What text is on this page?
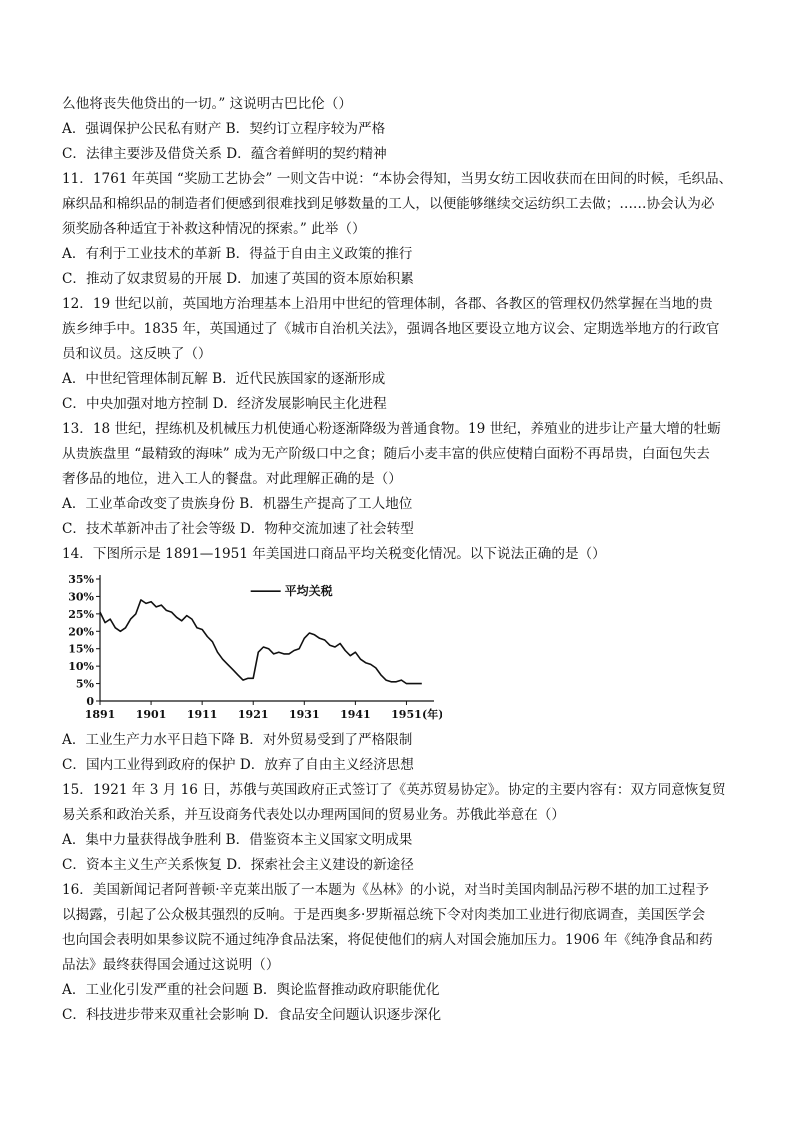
么他将丧失他贷出的一切。” 这说明古巴比伦（）
A．强调保护公民私有财产 B．契约订立程序较为严格
C．法律主要涉及借贷关系 D．蕴含着鲜明的契约精神
11．1761 年英国 “奖励工艺协会” 一则文告中说：“本协会得知，当男女纺工因收获而在田间的时候，毛织品、
麻织品和棉织品的制造者们便感到很难找到足够数量的工人，以便能够继续交运纺织工去做；……协会认为必
须奖励各种适宜于补救这种情况的探索。” 此举（）
A．有利于工业技术的革新 B．得益于自由主义政策的推行
C．推动了奴隶贸易的开展 D．加速了英国的资本原始积累
12．19 世纪以前，英国地方治理基本上沿用中世纪的管理体制，各郡、各教区的管理权仍然掌握在当地的贵
族乡绅手中。1835 年，英国通过了《城市自治机关法》，强调各地区要设立地方议会、定期选举地方的行政官
员和议员。这反映了（）
A．中世纪管理体制瓦解 B．近代民族国家的逐渐形成
C．中央加强对地方控制 D．经济发展影响民主化进程
13．18 世纪，捏练机及机械压力机使通心粉逐渐降级为普通食物。19 世纪，养殖业的进步让产量大增的牡蛎
从贵族盘里 “最精致的海味” 成为无产阶级口中之食；随后小麦丰富的供应使精白面粉不再昂贵，白面包失去
奢侈品的地位，进入工人的餐盘。对此理解正确的是（）
A．工业革命改变了贵族身份 B．机器生产提高了工人地位
C．技术革新冲击了社会等级 D．物种交流加速了社会转型
14．下图所示是 1891—1951 年美国进口商品平均关税变化情况。以下说法正确的是（）
0
5%
10%
15%
20%
25%
30%
35%
1891 1901 1911 1921 1931 1941 1951 (年)
平均关税
A．工业生产力水平日趋下降 B．对外贸易受到了严格限制
C．国内工业得到政府的保护 D．放弃了自由主义经济思想
15．1921 年 3 月 16 日，苏俄与英国政府正式签订了《英苏贸易协定》。协定的主要内容有：双方同意恢复贸
易关系和政治关系，并互设商务代表处以办理两国间的贸易业务。苏俄此举意在（）
A．集中力量获得战争胜利 B．借鉴资本主义国家文明成果
C．资本主义生产关系恢复 D．探索社会主义建设的新途径
16．美国新闻记者阿普顿·辛克莱出版了一本题为《丛林》的小说，对当时美国肉制品污秽不堪的加工过程予
以揭露，引起了公众极其强烈的反响。于是西奥多·罗斯福总统下令对肉类加工业进行彻底调查，美国医学会
也向国会表明如果参议院不通过纯净食品法案，将促使他们的病人对国会施加压力。1906 年《纯净食品和药
品法》最终获得国会通过这说明（）
A．工业化引发严重的社会问题 B．舆论监督推动政府职能优化
C．科技进步带来双重社会影响 D．食品安全问题认识逐步深化
